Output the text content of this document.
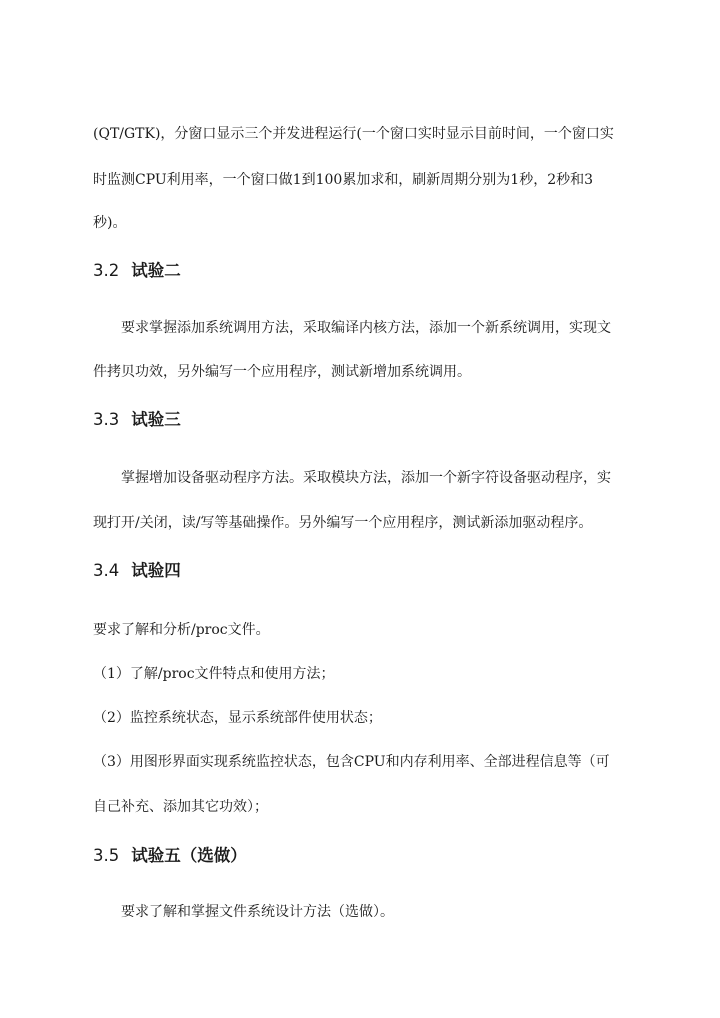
(QT/GTK)，分窗口显示三个并发进程运行(一个窗口实时显示目前时间，一个窗口实
时监测CPU利用率，一个窗口做1到100累加求和，刷新周期分别为1秒，2秒和3
秒)。
3.2 试验二
要求掌握添加系统调用方法，采取编译内核方法，添加一个新系统调用，实现文
件拷贝功效，另外编写一个应用程序，测试新增加系统调用。
3.3 试验三
掌握增加设备驱动程序方法。采取模块方法，添加一个新字符设备驱动程序，实
现打开/关闭，读/写等基础操作。另外编写一个应用程序，测试新添加驱动程序。
3.4 试验四
要求了解和分析/proc文件。
（1）了解/proc文件特点和使用方法；
（2）监控系统状态，显示系统部件使用状态；
（3）用图形界面实现系统监控状态，包含CPU和内存利用率、全部进程信息等（可
自己补充、添加其它功效）；
3.5 试验五（选做）
要求了解和掌握文件系统设计方法（选做）。
